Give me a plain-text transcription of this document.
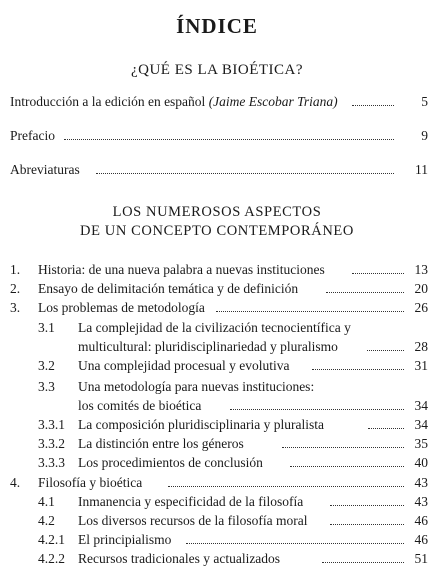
ÍNDICE
¿QUÉ ES LA BIOÉTICA?
Introducción a la edición en español (Jaime Escobar Triana)	5
Prefacio	9
Abreviaturas	11
LOS NUMEROSOS ASPECTOS
DE UN CONCEPTO CONTEMPORÁNEO
1. Historia: de una nueva palabra a nuevas instituciones	13
2. Ensayo de delimitación temática y de definición	20
3. Los problemas de metodología	26
3.1 La complejidad de la civilización tecnocientífica y
multicultural: pluridisciplinariedad y pluralismo	28
3.2 Una complejidad procesual y evolutiva	31
3.3 Una metodología para nuevas instituciones:
los comités de bioética	34
3.3.1 La composición pluridisciplinaria y pluralista	34
3.3.2 La distinción entre los géneros	35
3.3.3 Los procedimientos de conclusión	40
4. Filosofía y bioética	43
4.1 Inmanencia y especificidad de la filosofía	43
4.2 Los diversos recursos de la filosofía moral	46
4.2.1 El principialismo	46
4.2.2 Recursos tradicionales y actualizados	51
